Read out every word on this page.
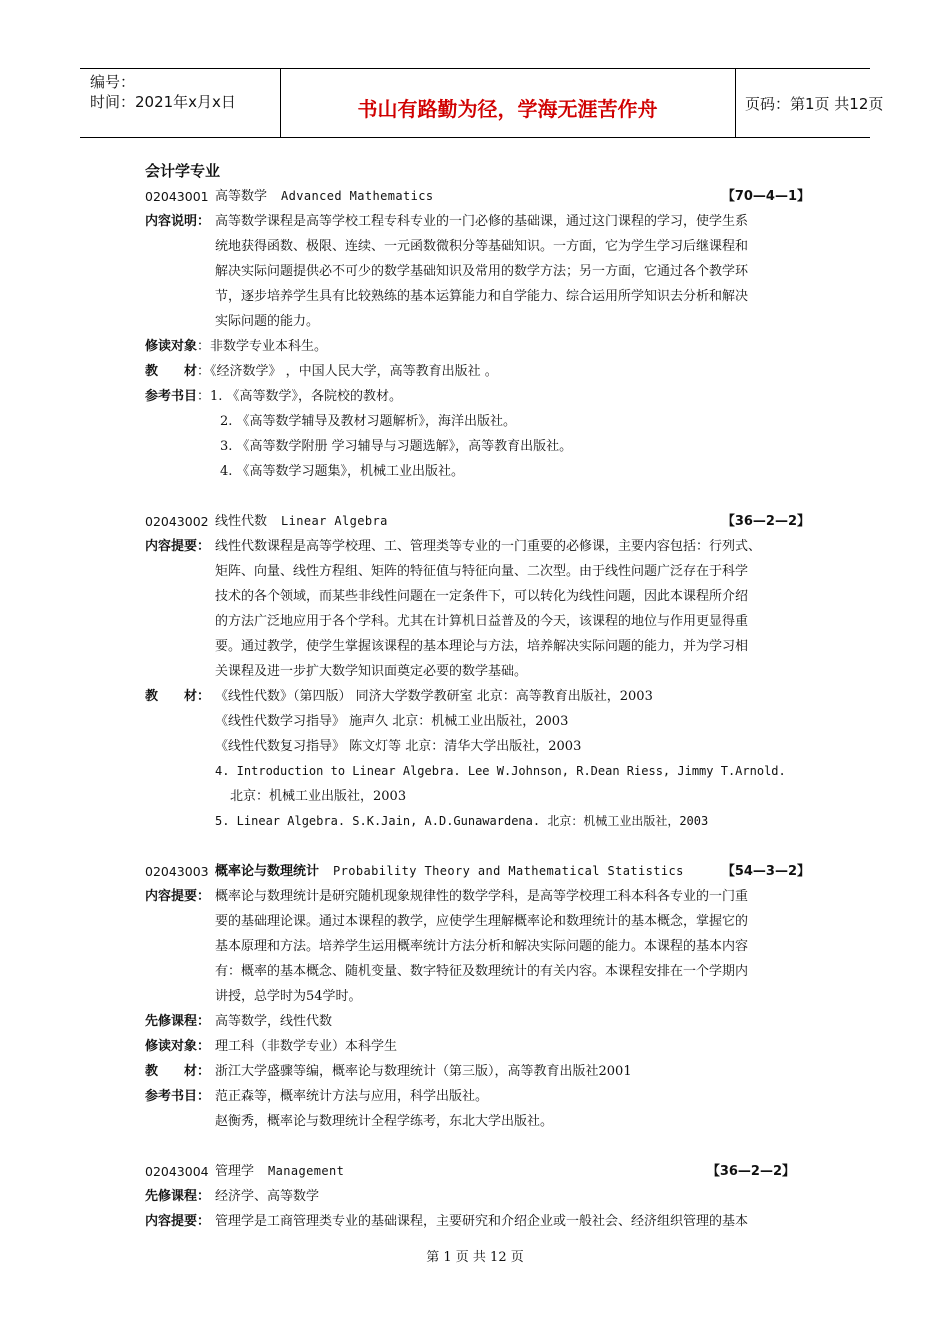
编号：
时间：2021年x月x日	书山有路勤为径，学海无涯苦作舟	页码：第1页 共12页
会计学专业
02043001 高等数学 Advanced Mathematics	【70—4—1】
内容说明： 高等数学课程是高等学校工程专科专业的一门必修的基础课，通过这门课程的学习，使学生系
统地获得函数、极限、连续、一元函数微积分等基础知识。一方面，它为学生学习后继课程和
解决实际问题提供必不可少的数学基础知识及常用的数学方法；另一方面，它通过各个教学环
节，逐步培养学生具有比较熟练的基本运算能力和自学能力、综合运用所学知识去分析和解决
实际问题的能力。
修读对象：非数学专业本科生。
教　　材：《经济数学》 ，中国人民大学，高等教育出版社 。
参考书目：1. 《高等数学》，各院校的教材。
2. 《高等数学辅导及教材习题解析》，海洋出版社。
3. 《高等数学附册 学习辅导与习题选解》，高等教育出版社。
4. 《高等数学习题集》，机械工业出版社。
02043002 线性代数 Linear Algebra	【36—2—2】
内容提要： 线性代数课程是高等学校理、工、管理类等专业的一门重要的必修课，主要内容包括：行列式、
矩阵、向量、线性方程组、矩阵的特征值与特征向量、二次型。由于线性问题广泛存在于科学
技术的各个领域，而某些非线性问题在一定条件下，可以转化为线性问题，因此本课程所介绍
的方法广泛地应用于各个学科。尤其在计算机日益普及的今天，该课程的地位与作用更显得重
要。通过教学，使学生掌握该课程的基本理论与方法，培养解决实际问题的能力，并为学习相
关课程及进一步扩大数学知识面奠定必要的数学基础。
教　　材： 《线性代数》（第四版） 同济大学数学教研室 北京：高等教育出版社，2003
《线性代数学习指导》 施声久 北京：机械工业出版社，2003
《线性代数复习指导》 陈文灯等 北京：清华大学出版社，2003
4. Introduction to Linear Algebra. Lee W.Johnson, R.Dean Riess, Jimmy T.Arnold.
北京：机械工业出版社，2003
5. Linear Algebra. S.K.Jain, A.D.Gunawardena. 北京：机械工业出版社，2003
02043003 概率论与数理统计 Probability Theory and Mathematical Statistics	【54—3—2】
内容提要： 概率论与数理统计是研究随机现象规律性的数学学科，是高等学校理工科本科各专业的一门重
要的基础理论课。通过本课程的教学，应使学生理解概率论和数理统计的基本概念，掌握它的
基本原理和方法。培养学生运用概率统计方法分析和解决实际问题的能力。本课程的基本内容
有：概率的基本概念、随机变量、数字特征及数理统计的有关内容。本课程安排在一个学期内
讲授，总学时为54学时。
先修课程： 高等数学，线性代数
修读对象： 理工科（非数学专业）本科学生
教　　材： 浙江大学盛骤等编，概率论与数理统计（第三版），高等教育出版社2001
参考书目： 范正森等，概率统计方法与应用，科学出版社。
赵衡秀，概率论与数理统计全程学练考，东北大学出版社。
02043004 管理学 Management	【36—2—2】
先修课程： 经济学、高等数学
内容提要： 管理学是工商管理类专业的基础课程，主要研究和介绍企业或一般社会、经济组织管理的基本
第 1 页 共 12 页
